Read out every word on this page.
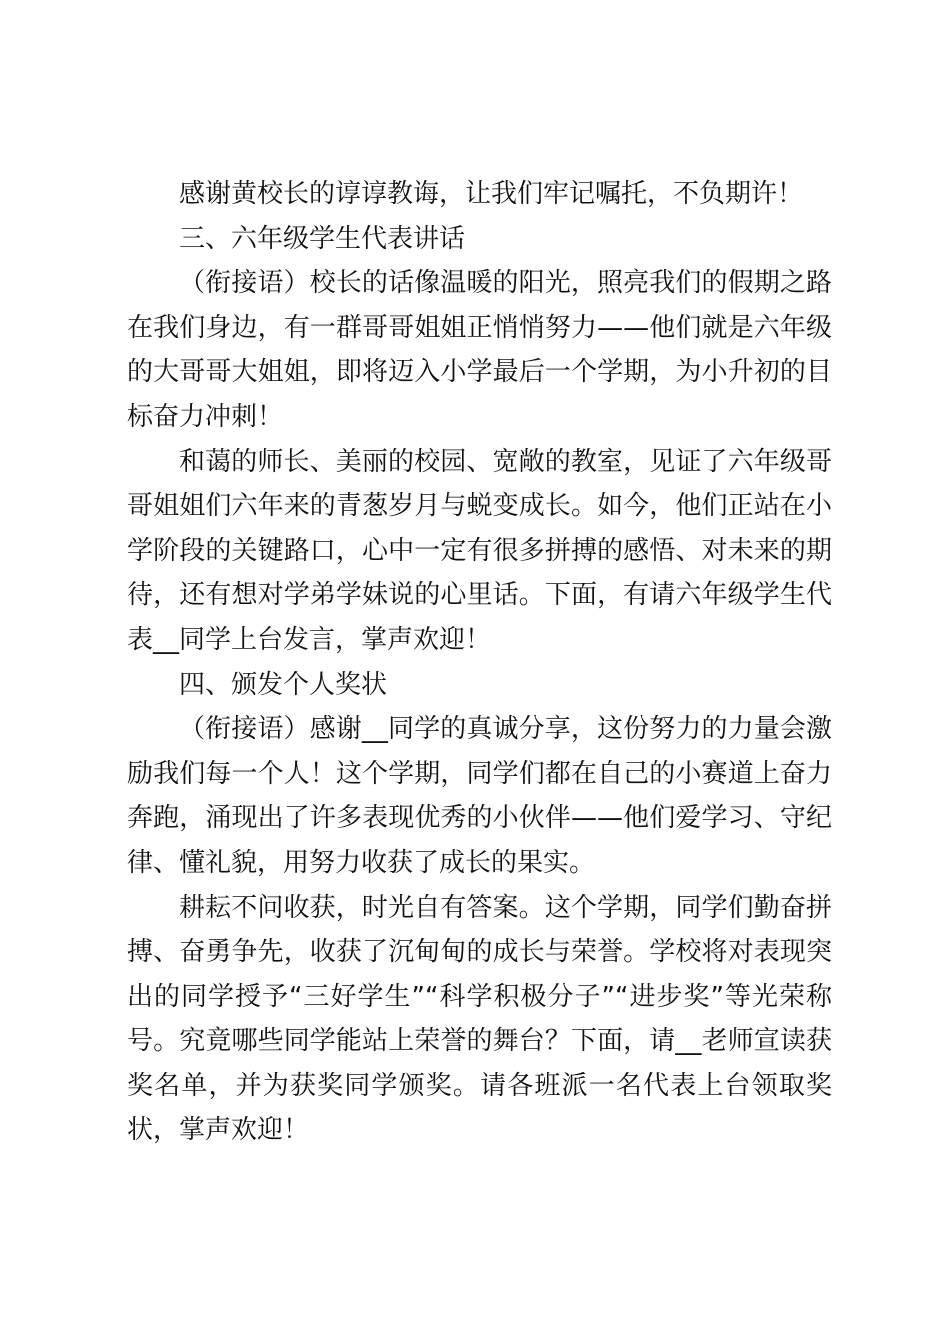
感谢黄校长的谆谆教诲，让我们牢记嘱托，不负期许！

三、六年级学生代表讲话

（衔接语）校长的话像温暖的阳光，照亮我们的假期之路在我们身边，有一群哥哥姐姐正悄悄努力——他们就是六年级的大哥哥大姐姐，即将迈入小学最后一个学期，为小升初的目标奋力冲刺！

和蔼的师长、美丽的校园、宽敞的教室，见证了六年级哥哥姐姐们六年来的青葱岁月与蜕变成长。如今，他们正站在小学阶段的关键路口，心中一定有很多拼搏的感悟、对未来的期待，还有想对学弟学妹说的心里话。下面，有请六年级学生代表__同学上台发言，掌声欢迎！

四、颁发个人奖状

（衔接语）感谢__同学的真诚分享，这份努力的力量会激励我们每一个人！这个学期，同学们都在自己的小赛道上奋力奔跑，涌现出了许多表现优秀的小伙伴——他们爱学习、守纪律、懂礼貌，用努力收获了成长的果实。

耕耘不问收获，时光自有答案。这个学期，同学们勤奋拼搏、奋勇争先，收获了沉甸甸的成长与荣誉。学校将对表现突出的同学授予“三好学生”“科学积极分子”“进步奖”等光荣称号。究竟哪些同学能站上荣誉的舞台？下面，请__老师宣读获奖名单，并为获奖同学颁奖。请各班派一名代表上台领取奖状，掌声欢迎！
